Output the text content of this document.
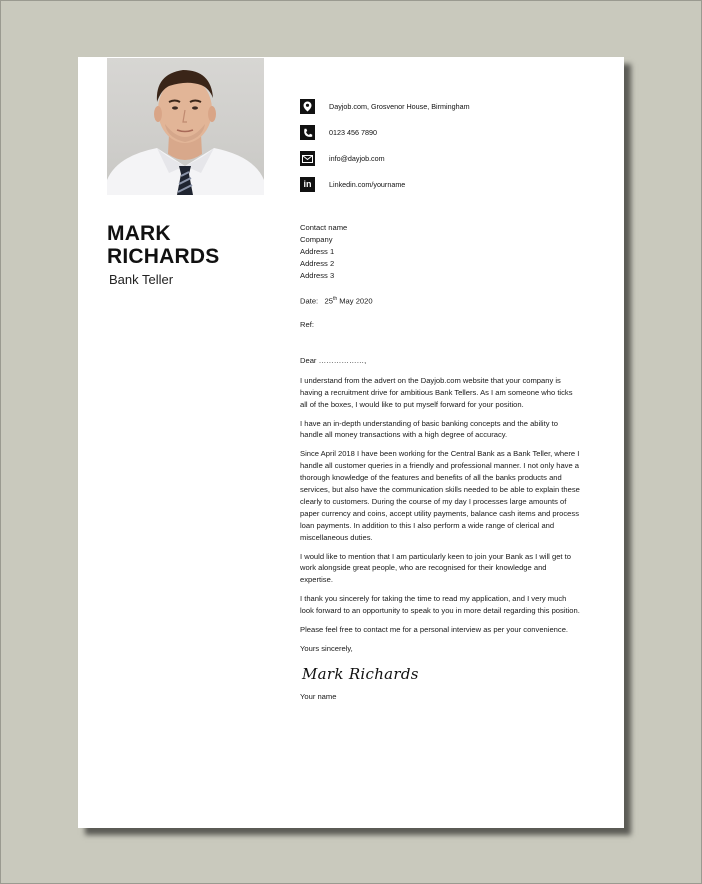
MARK
RICHARDS
Bank Teller
Dayjob.com, Grosvenor House, Birmingham
0123 456 7890
info@dayjob.com
in Linkedin.com/yourname

Contact name

Company

Address 1

Address 2

Address 3

Date: 25th May 2020

Ref:

Dear ………………,

I understand from the advert on the Dayjob.com website that your company is having a recruitment drive for ambitious Bank Tellers. As I am someone who ticks all of the boxes, I would like to put myself forward for your position.

I have an in-depth understanding of basic banking concepts and the ability to handle all money transactions with a high degree of accuracy.

Since April 2018 I have been working for the Central Bank as a Bank Teller, where I handle all customer queries in a friendly and professional manner. I not only have a thorough knowledge of the features and benefits of all the banks products and services, but also have the communication skills needed to be able to explain these clearly to customers. During the course of my day I processes large amounts of paper currency and coins, accept utility payments, balance cash items and process loan payments. In addition to this I also perform a wide range of clerical and miscellaneous duties.

I would like to mention that I am particularly keen to join your Bank as I will get to work alongside great people, who are recognised for their knowledge and expertise.

I thank you sincerely for taking the time to read my application, and I very much look forward to an opportunity to speak to you in more detail regarding this position.

Please feel free to contact me for a personal interview as per your convenience.

Yours sincerely,

Mark Richards

Your name
